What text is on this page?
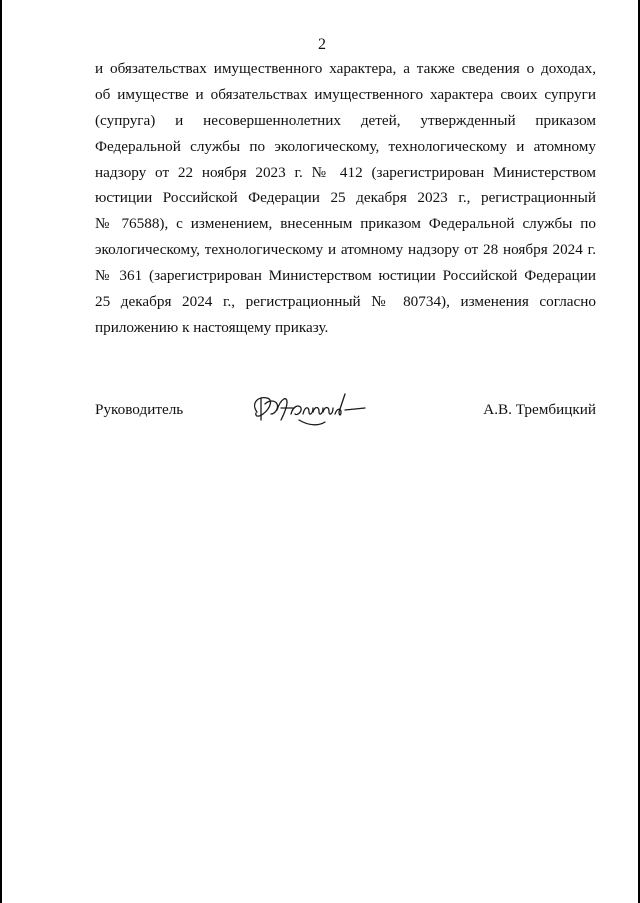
2
и обязательствах имущественного характера, а также сведения о доходах,
об имуществе и обязательствах имущественного характера своих супруги
(супруга) и несовершеннолетних детей, утвержденный приказом
Федеральной службы по экологическому, технологическому и атомному
надзору от 22 ноября 2023 г. № 412 (зарегистрирован Министерством
юстиции Российской Федерации 25 декабря 2023 г., регистрационный
№ 76588), с изменением, внесенным приказом Федеральной службы по
экологическому, технологическому и атомному надзору от 28 ноября 2024 г.
№ 361 (зарегистрирован Министерством юстиции Российской Федерации
25 декабря 2024 г., регистрационный № 80734), изменения согласно
приложению к настоящему приказу.
Руководитель	А.В. Трембицкий
